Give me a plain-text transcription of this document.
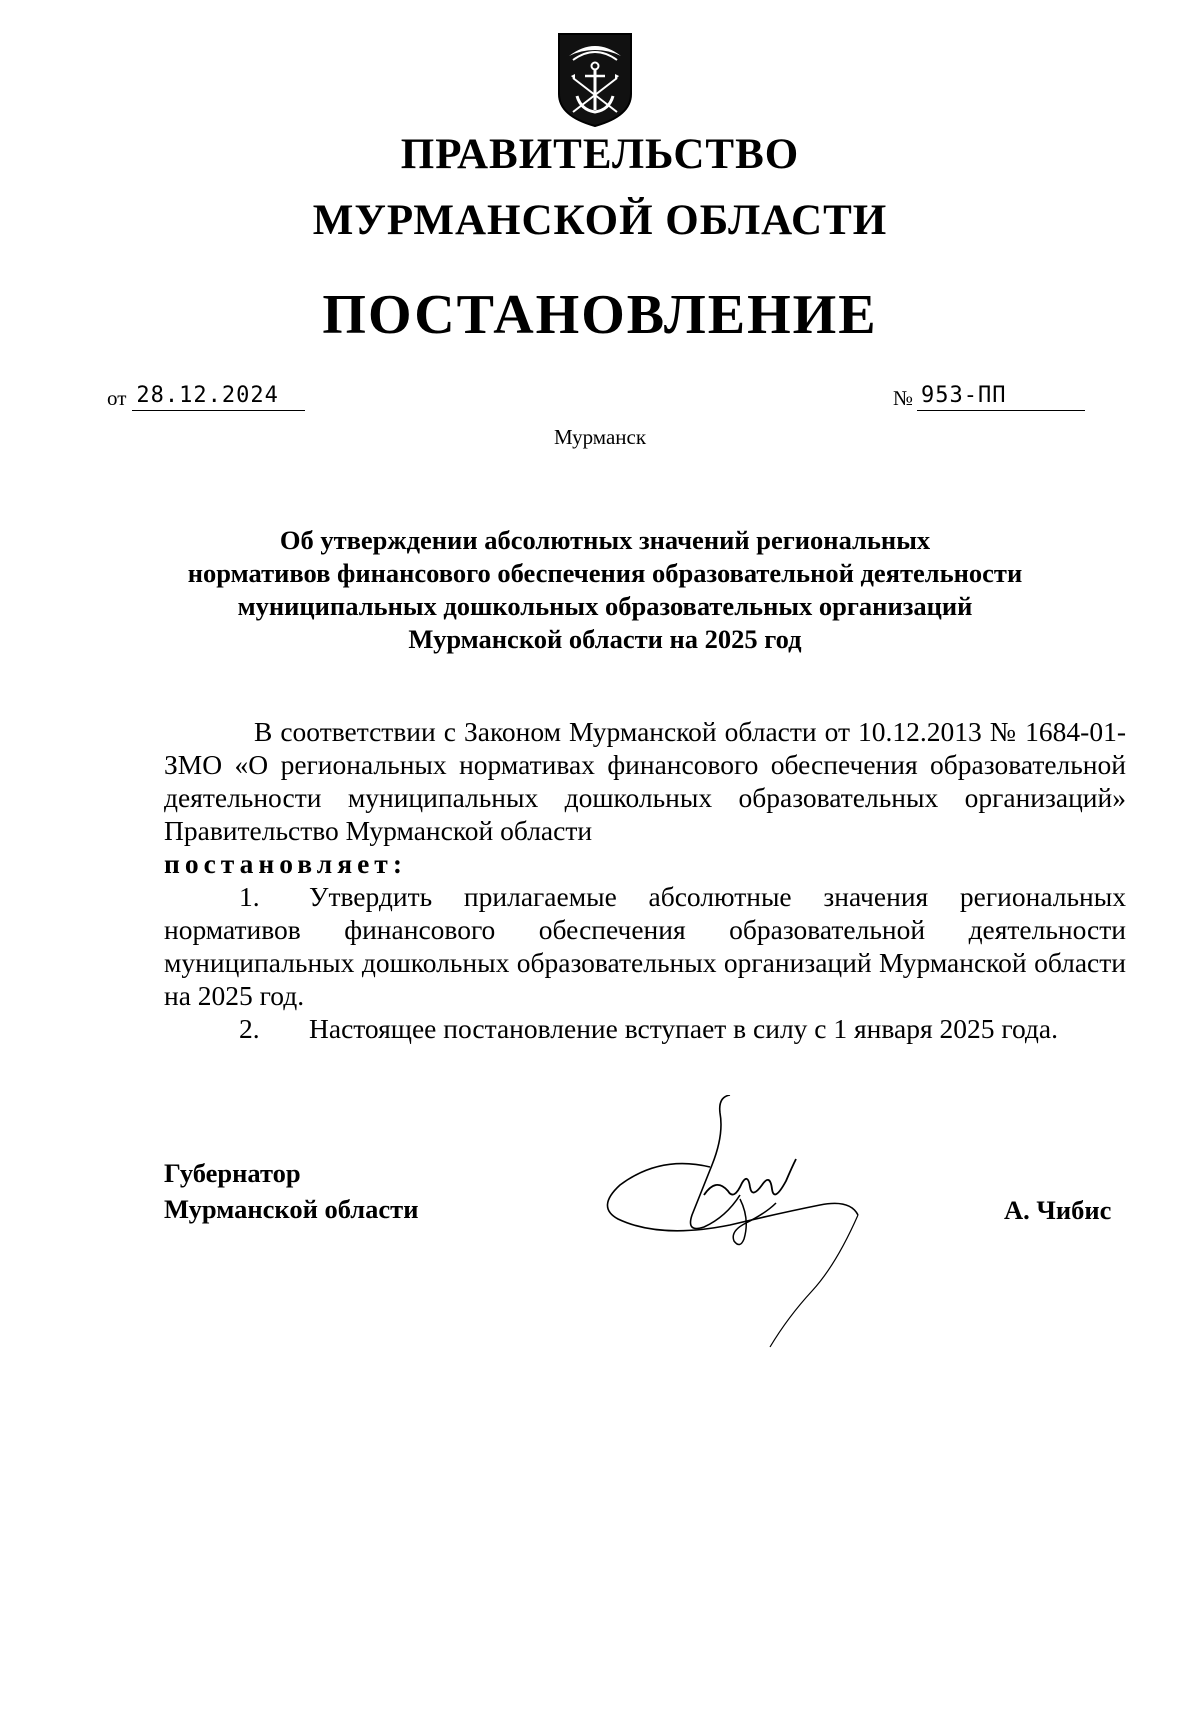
ПРАВИТЕЛЬСТВО
МУРМАНСКОЙ ОБЛАСТИ
ПОСТАНОВЛЕНИЕ
от 28.12.2024	№ 953-ПП
Мурманск
Об утверждении абсолютных значений региональных
нормативов финансового обеспечения образовательной деятельности
муниципальных дошкольных образовательных организаций
Мурманской области на 2025 год

В соответствии с Законом Мурманской области от 10.12.2013 № 1684-01-ЗМО «О региональных нормативах финансового обеспечения образовательной деятельности муниципальных дошкольных образовательных организаций» Правительство Мурманской области

постановляет:

1. Утвердить прилагаемые абсолютные значения региональных нормативов финансового обеспечения образовательной деятельности муниципальных дошкольных образовательных организаций Мурманской области на 2025 год.

2. Настоящее постановление вступает в силу с 1 января 2025 года.

Губернатор
Мурманской области	А. Чибис
